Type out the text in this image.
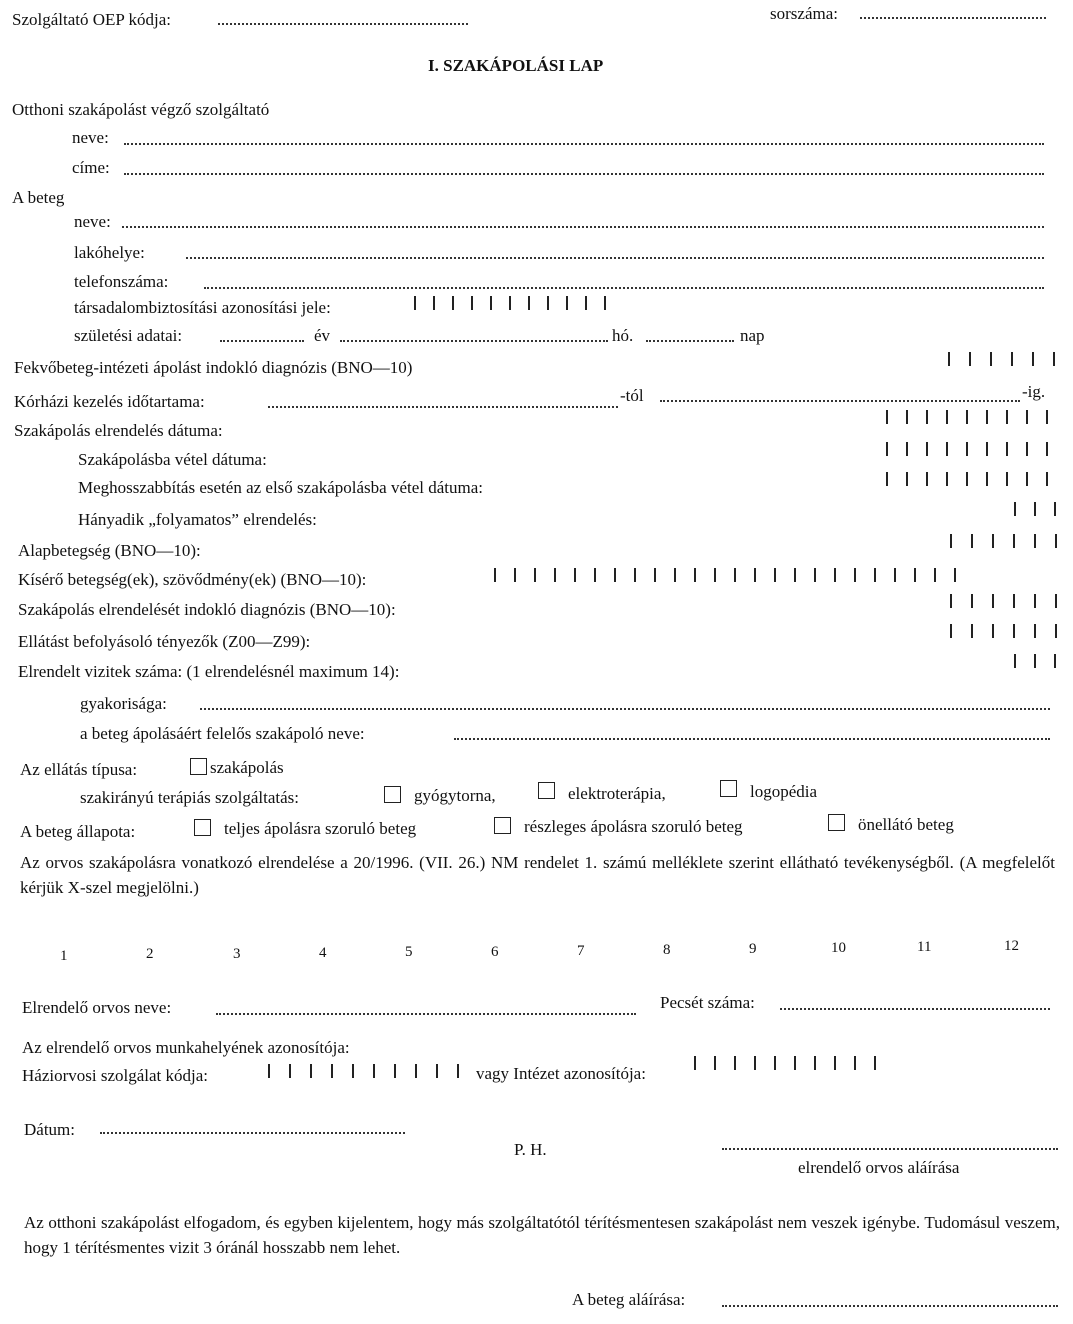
Szolgáltató OEP kódja:	sorszáma:
I. SZAKÁPOLÁSI LAP
Otthoni szakápolást végző szolgáltató
neve:
címe:
A beteg
neve:
lakóhelye:
telefonszáma:
társadalombiztosítási azonosítási jele:
születési adatai:	év	hó.	nap
Fekvőbeteg-intézeti ápolást indokló diagnózis (BNO—10)
Kórházi kezelés időtartama:	-tól	-ig.
Szakápolás elrendelés dátuma:
Szakápolásba vétel dátuma:
Meghosszabbítás esetén az első szakápolásba vétel dátuma:
Hányadik „folyamatos” elrendelés:
Alapbetegség (BNO—10):
Kísérő betegség(ek), szövődmény(ek) (BNO—10):
Szakápolás elrendelését indokló diagnózis (BNO—10):
Ellátást befolyásoló tényezők (Z00—Z99):
Elrendelt vizitek száma: (1 elrendelésnél maximum 14):
gyakorisága:
a beteg ápolásáért felelős szakápoló neve:
Az ellátás típusa:	szakápolás
szakirányú terápiás szolgáltatás:	gyógytorna,	elektroterápia,	logopédia
A beteg állapota:	teljes ápolásra szoruló beteg	részleges ápolásra szoruló beteg	önellátó beteg
Az orvos szakápolásra vonatkozó elrendelése a 20/1996. (VII. 26.) NM rendelet 1. számú melléklete szerint ellátható tevékenységből. (A megfelelőt kérjük X-szel megjelölni.)
1	2	3	4	5	6	7	8	9	10	11	12
Elrendelő orvos neve:	Pecsét száma:
Az elrendelő orvos munkahelyének azonosítója:
Háziorvosi szolgálat kódja:	vagy Intézet azonosítója:
Dátum:
P. H.
elrendelő orvos aláírása
Az otthoni szakápolást elfogadom, és egyben kijelentem, hogy más szolgáltatótól térítésmentesen szakápolást nem veszek igénybe. Tudomásul veszem, hogy 1 térítésmentes vizit 3 óránál hosszabb nem lehet.
A beteg aláírása:
